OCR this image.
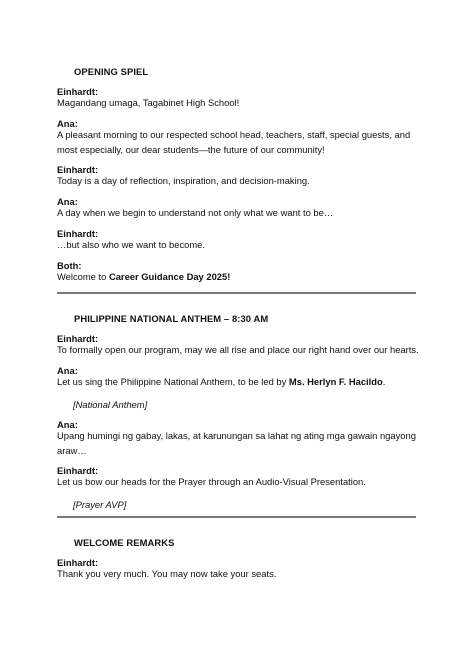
OPENING SPIEL
Einhardt:
Magandang umaga, Tagabinet High School!
Ana:
A pleasant morning to our respected school head, teachers, staff, special guests, and
most especially, our dear students—the future of our community!
Einhardt:
Today is a day of reflection, inspiration, and decision-making.
Ana:
A day when we begin to understand not only what we want to be…
Einhardt:
…but also who we want to become.
Both:
Welcome to Career Guidance Day 2025!
PHILIPPINE NATIONAL ANTHEM – 8:30 AM
Einhardt:
To formally open our program, may we all rise and place our right hand over our hearts.
Ana:
Let us sing the Philippine National Anthem, to be led by Ms. Herlyn F. Hacildo.
[National Anthem]
Ana:
Upang humingi ng gabay, lakas, at karunungan sa lahat ng ating mga gawain ngayong
araw…
Einhardt:
Let us bow our heads for the Prayer through an Audio-Visual Presentation.
[Prayer AVP]
WELCOME REMARKS
Einhardt:
Thank you very much. You may now take your seats.
